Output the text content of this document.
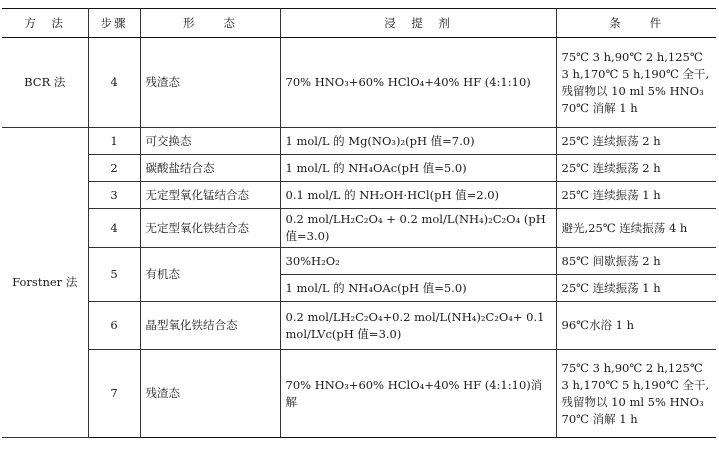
方　法	步骤	形　　态	浸　提　剂	条　　件
BCR 法	4	残渣态	70% HNO₃+60% HClO₄+40% HF (4:1:10)	75℃ 3 h,90℃ 2 h,125℃ 3 h,170℃ 5 h,190℃ 全干,残留物以 10 ml 5% HNO₃ 70℃ 消解 1 h
Forstner 法	1	可交换态	1 mol/L 的 Mg(NO₃)₂(pH 值=7.0)	25℃ 连续振荡 2 h
	2	碳酸盐结合态	1 mol/L 的 NH₄OAc(pH 值=5.0)	25℃ 连续振荡 2 h
	3	无定型氧化锰结合态	0.1 mol/L 的 NH₂OH·HCl(pH 值=2.0)	25℃ 连续振荡 1 h
	4	无定型氧化铁结合态	0.2 mol/LH₂C₂O₄ + 0.2 mol/L(NH₄)₂C₂O₄ (pH 值=3.0)	避光,25℃ 连续振荡 4 h
	5	有机态	30%H₂O₂	85℃ 间歇振荡 2 h
			1 mol/L 的 NH₄OAc(pH 值=5.0)	25℃ 连续振荡 1 h
	6	晶型氧化铁结合态	0.2 mol/LH₂C₂O₄+0.2 mol/L(NH₄)₂C₂O₄+ 0.1 mol/LVc(pH 值=3.0)	96℃水浴 1 h
	7	残渣态	70% HNO₃+60% HClO₄+40% HF (4:1:10)消解	75℃ 3 h,90℃ 2 h,125℃ 3 h,170℃ 5 h,190℃ 全干,残留物以 10 ml 5% HNO₃ 70℃ 消解 1 h
